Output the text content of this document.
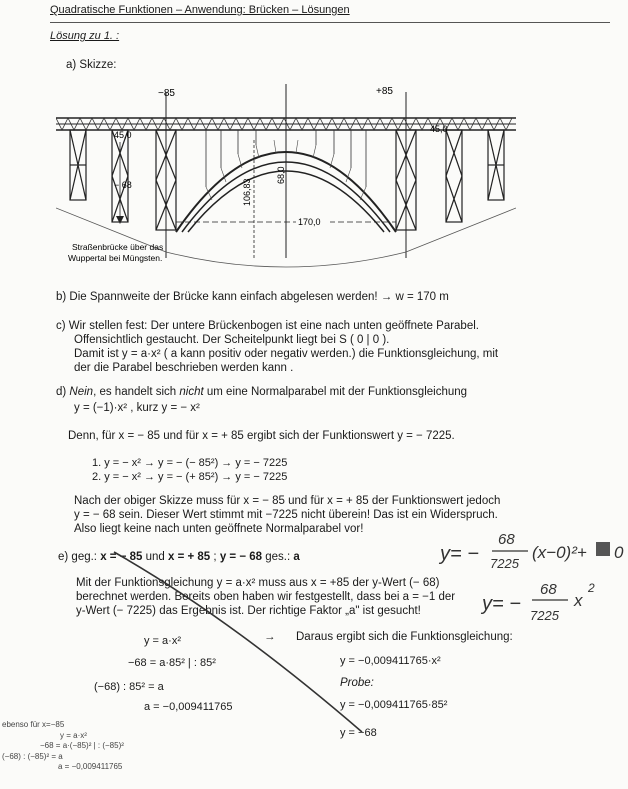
Quadratische Funktionen – Anwendung: Brücken – Lösungen
Lösung zu 1. :
a) Skizze:
−85	+85
45,0
45,0
− 68	106,83
68,0
170,0
Straßenbrücke über das
Wuppertal bei Müngsten.
b) Die Spannweite der Brücke kann einfach abgelesen werden! → w = 170 m
c) Wir stellen fest: Der untere Brückenbogen ist eine nach unten geöffnete Parabel.
Offensichtlich gestaucht. Der Scheitelpunkt liegt bei S ( 0 | 0 ).
Damit ist y = a·x² ( a kann positiv oder negativ werden.) die Funktionsgleichung, mit
der die Parabel beschrieben werden kann .
d) Nein, es handelt sich nicht um eine Normalparabel mit der Funktionsgleichung
y = (−1)·x² , kurz y = − x²
Denn, für x = − 85 und für x = + 85 ergibt sich der Funktionswert y = − 7225.
1. y = − x² → y = − (− 85²) → y = − 7225
2. y = − x² → y = − (+ 85²) → y = − 7225
Nach der obiger Skizze muss für x = − 85 und für x = + 85 der Funktionswert jedoch
y = − 68 sein. Dieser Wert stimmt mit −7225 nicht überein! Das ist ein Widerspruch.
Also liegt keine nach unten geöffnete Normalparabel vor!
e) geg.: x = − 85 und x = + 85 ; y = − 68 ges.: a
Mit der Funktionsgleichung y = a·x² muss aus x = +85 der y-Wert (− 68)
berechnet werden. Bereits oben haben wir festgestellt, dass bei a = −1 der
y-Wert (− 7225) das Ergebnis ist. Der richtige Faktor „a" ist gesucht!
y = a·x²
−68 = a·85² | : 85²
(−68) : 85² = a
a = −0,009411765
→ Daraus ergibt sich die Funktionsgleichung:
y = −0,009411765·x²
Probe:
y = −0,009411765·85²
y = −68
y= −
68
7225
(x−0)²+ 0
y= −
68
7225
x
2
ebenso für x=−85
y = a·x²
−68 = a·(−85)² | : (−85)²
(−68) : (−85)² = a
a = −0,009411765
